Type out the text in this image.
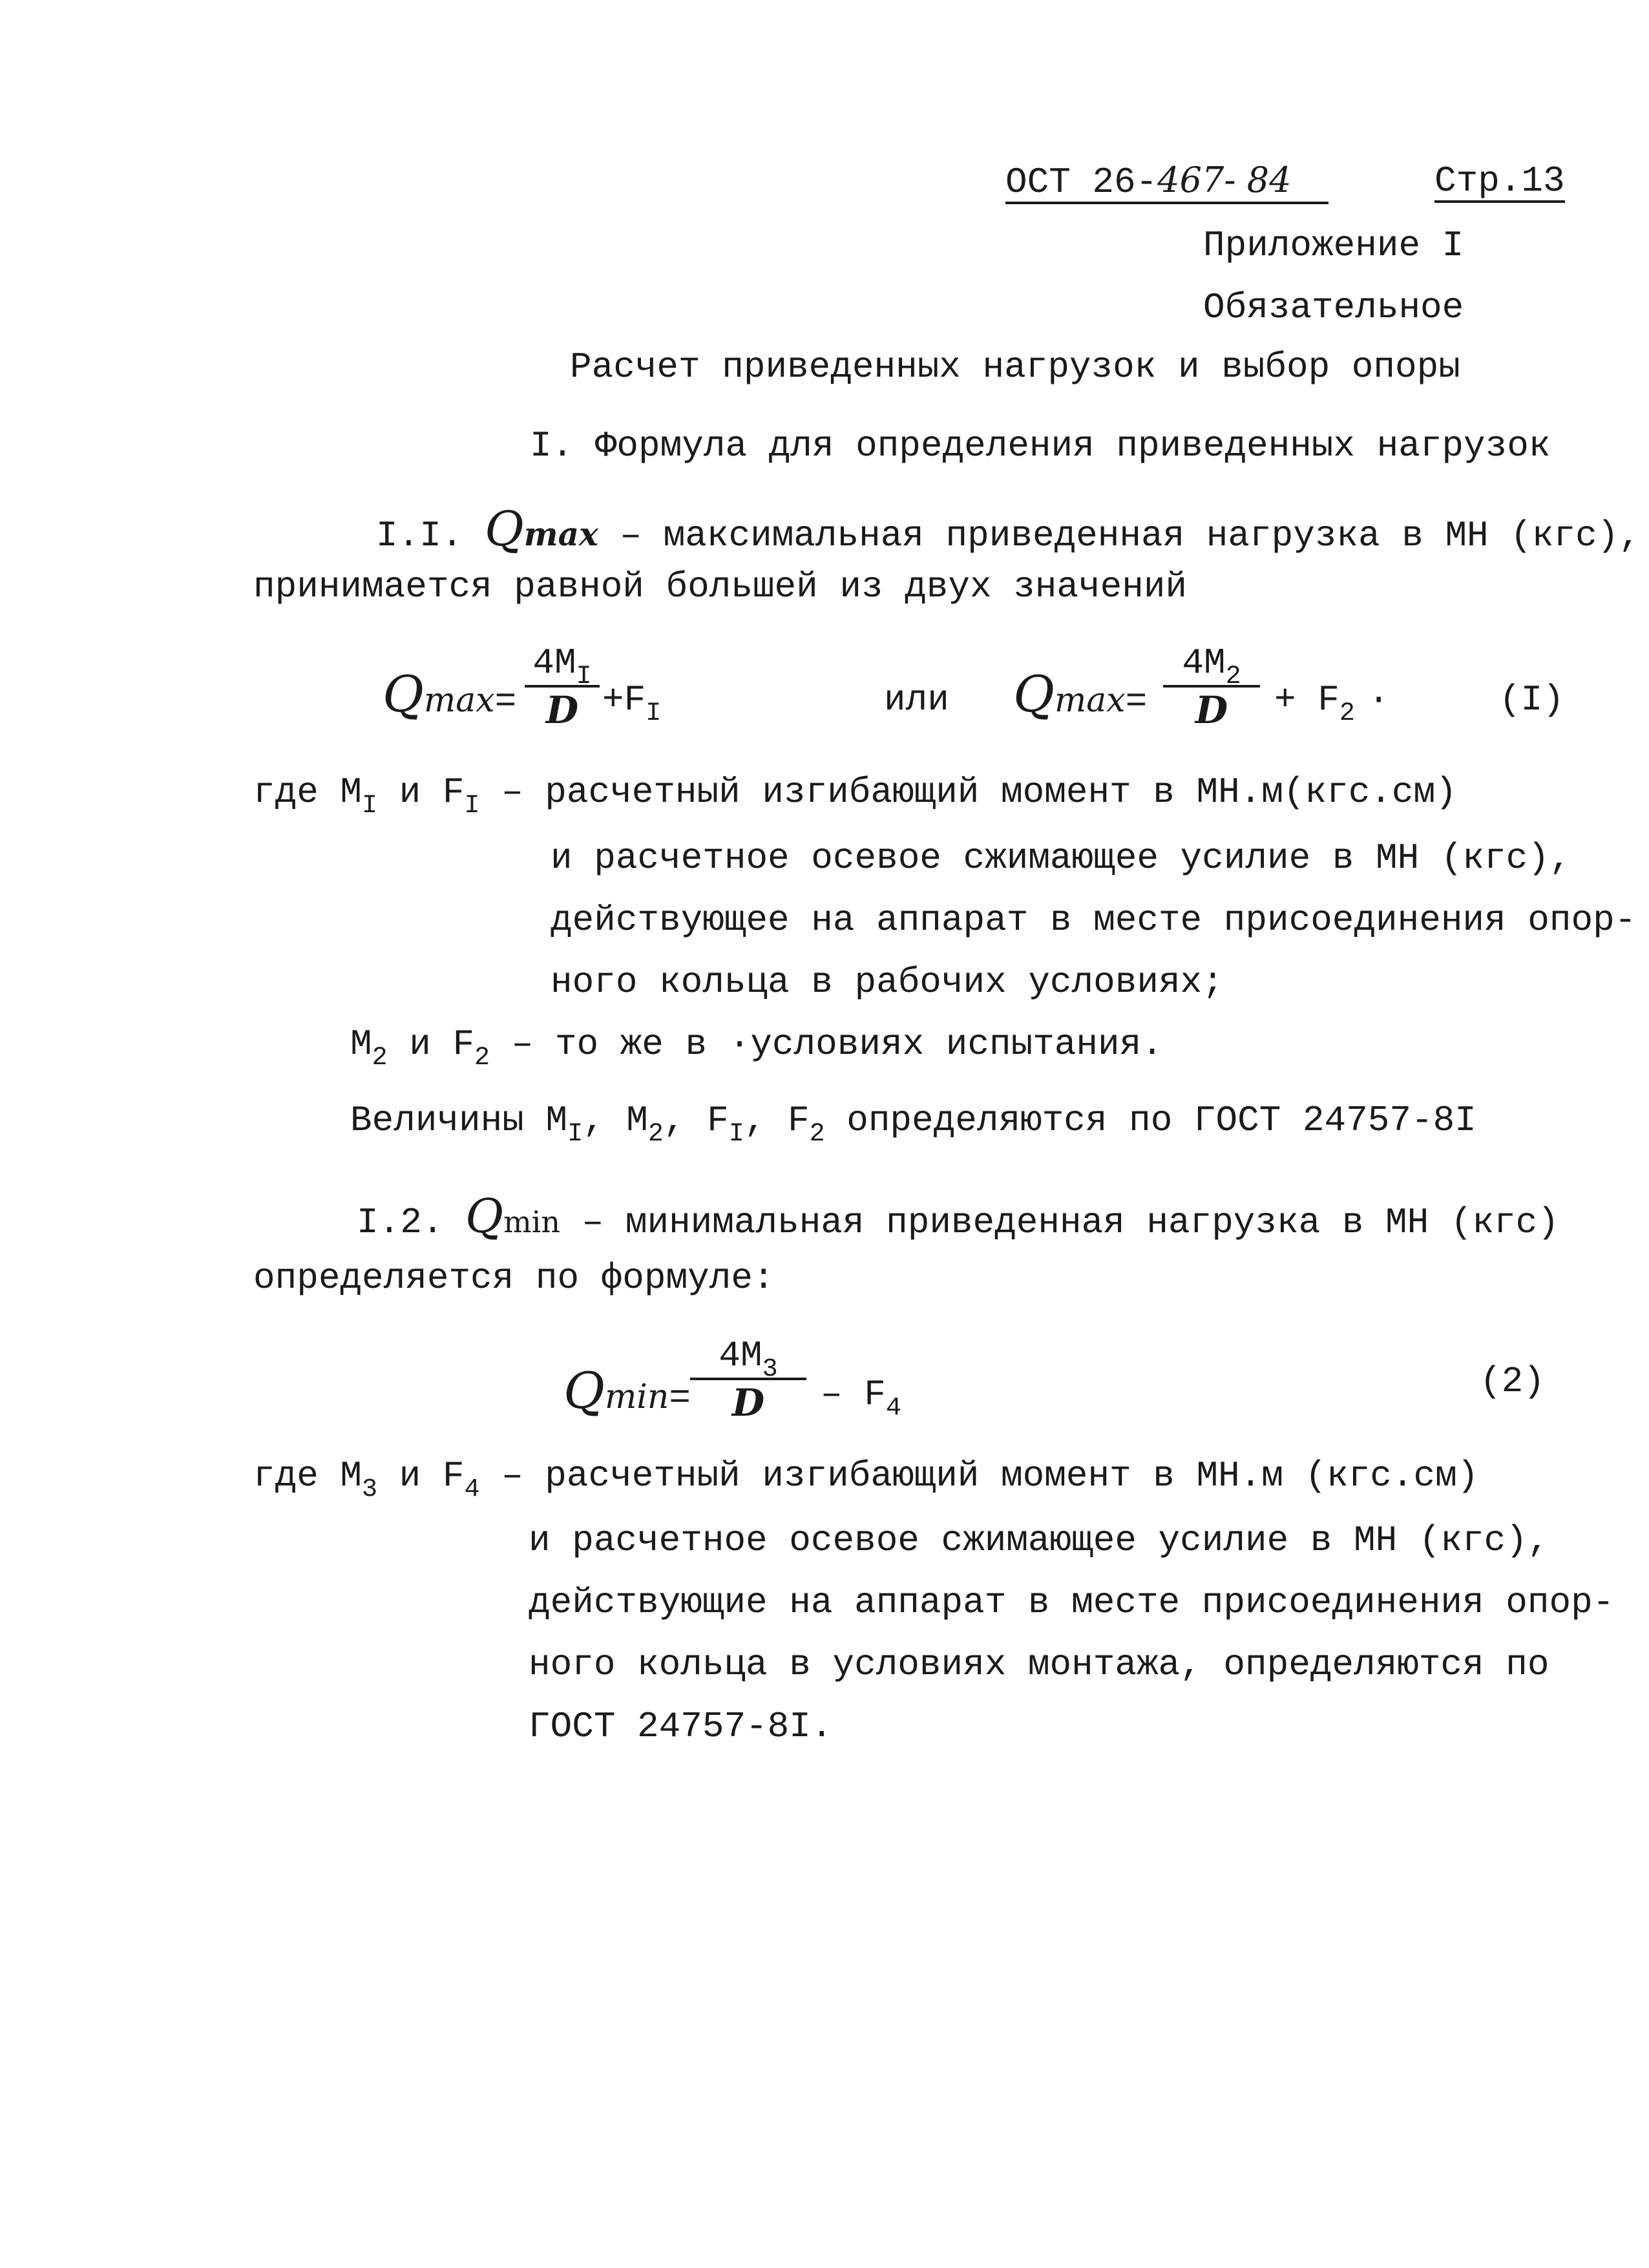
ОСТ 26-467- 84	Стр.13
Приложение I
Обязательное
Расчет приведенных нагрузок и выбор опоры
I. Формула для определения приведенных нагрузок
I.I. Qmax – максимальная приведенная нагрузка в МН (кгс),
принимается равной большей из двух значений
Qmax=
$4M_I$
$D +F_I$	или Qmax=
$4M_2$
D	+ $F_2$ ·	(I)
где $M_I$ и $F_I$ – расчетный изгибающий момент в МН.м(кгс.см)
и расчетное осевое сжимающее усилие в МН (кгс),
действующее на аппарат в месте присоединения опор-
ного кольца в рабочих условиях;
$M_2$ и $F_2$ – то же в ·условиях испытания.
Величины $M_I$, $M_2$, $F_I$, $F_2$ определяются по ГОСТ 24757-8I
I.2. Qmin – минимальная приведенная нагрузка в МН (кгс)
определяется по формуле:
Qmin=
$4M_3$
D	– $F_4$
(2)
где $M_3$ и $F_4$ – расчетный изгибающий момент в МН.м (кгс.см)
и расчетное осевое сжимающее усилие в МН (кгс),
действующие на аппарат в месте присоединения опор-
ного кольца в условиях монтажа, определяются по
ГОСТ 24757-8I.
